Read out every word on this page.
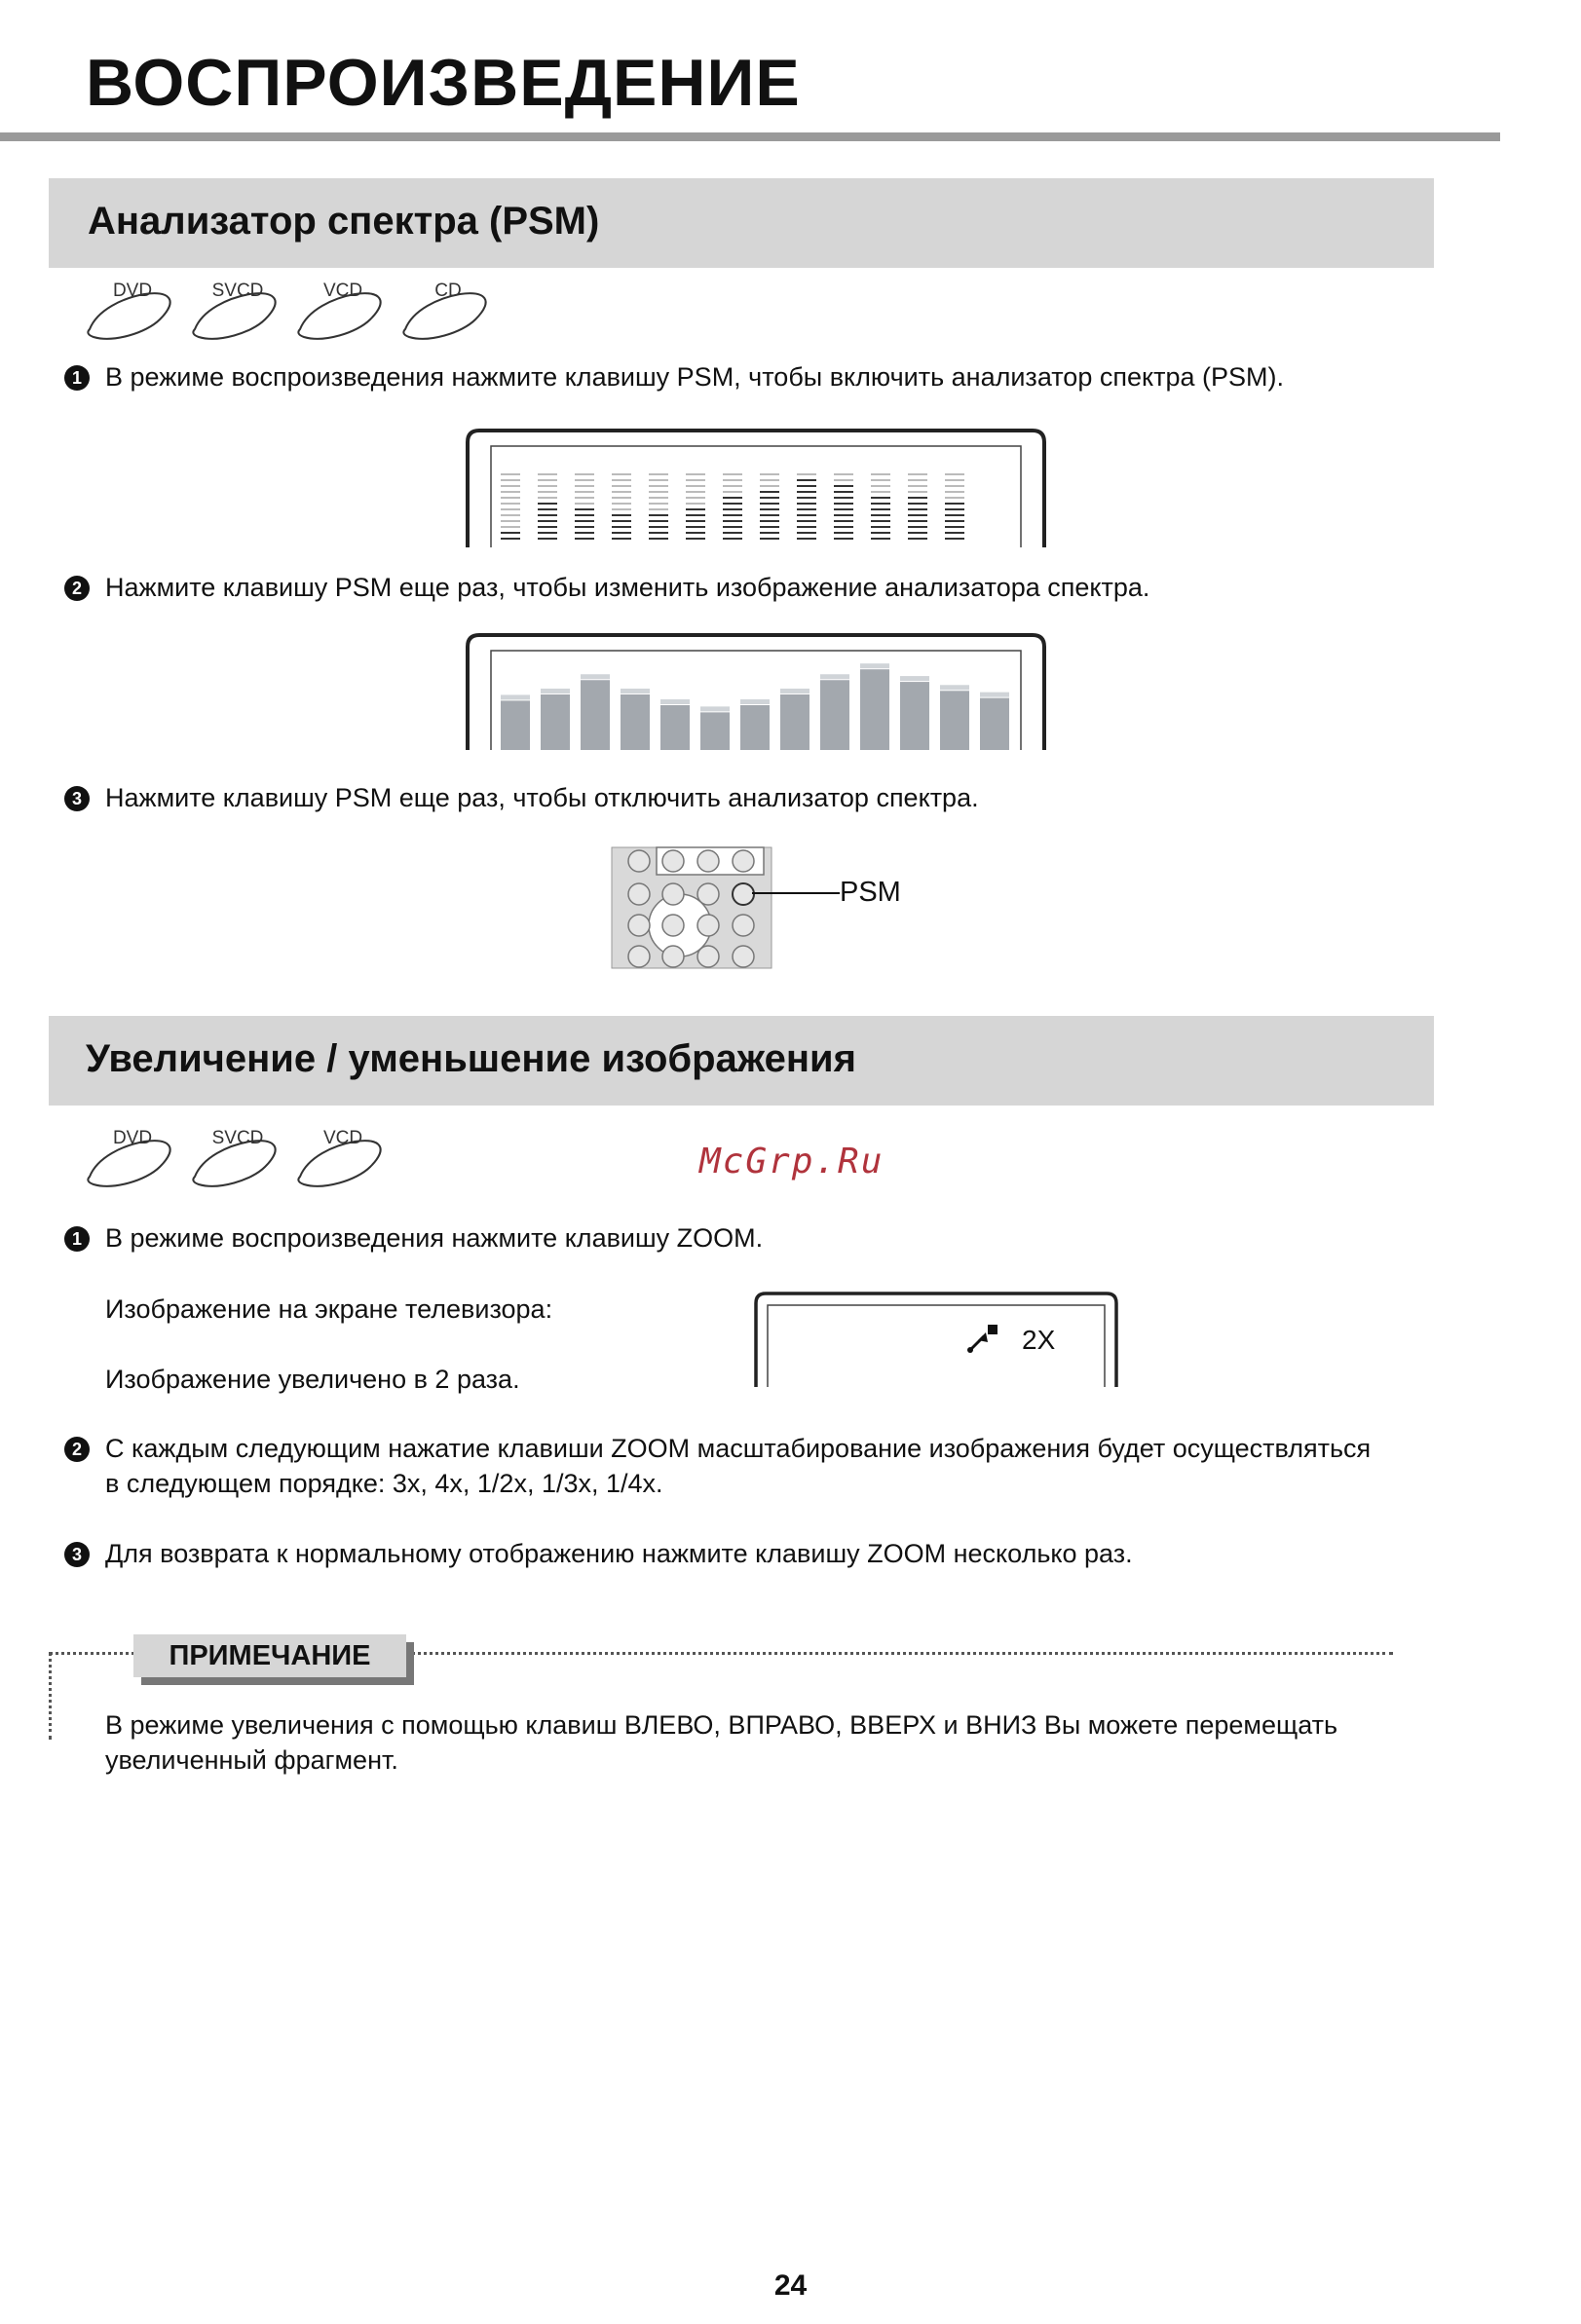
ВОСПРОИЗВЕДЕНИЕ
Анализатор спектра (PSM)
DVD	SVCD	VCD	CD
1 В режиме воспроизведения нажмите клавишу PSM, чтобы включить анализатор спектра (PSM).
2 Нажмите клавишу PSM еще раз, чтобы изменить изображение анализатора спектра.
3 Нажмите клавишу PSM еще раз, чтобы отключить анализатор спектра.
PSM
Увеличение / уменьшение изображения
DVD	SVCD	VCD
McGrp.Ru
1 В режиме воспроизведения нажмите клавишу ZOOM.
Изображение на экране телевизора:
Изображение увеличено в 2 раза.
2X
2 С каждым следующим нажатие клавиши ZOOM масштабирование изображения будет осуществляться
в следующем порядке: 3x, 4x, 1/2x, 1/3x, 1/4x.
3 Для возврата к нормальному отображению нажмите клавишу ZOOM несколько раз.
ПРИМЕЧАНИЕ
В режиме увеличения с помощью клавиш ВЛЕВО, ВПРАВО, ВВЕРХ и ВНИЗ Вы можете перемещать
увеличенный фрагмент.
24
